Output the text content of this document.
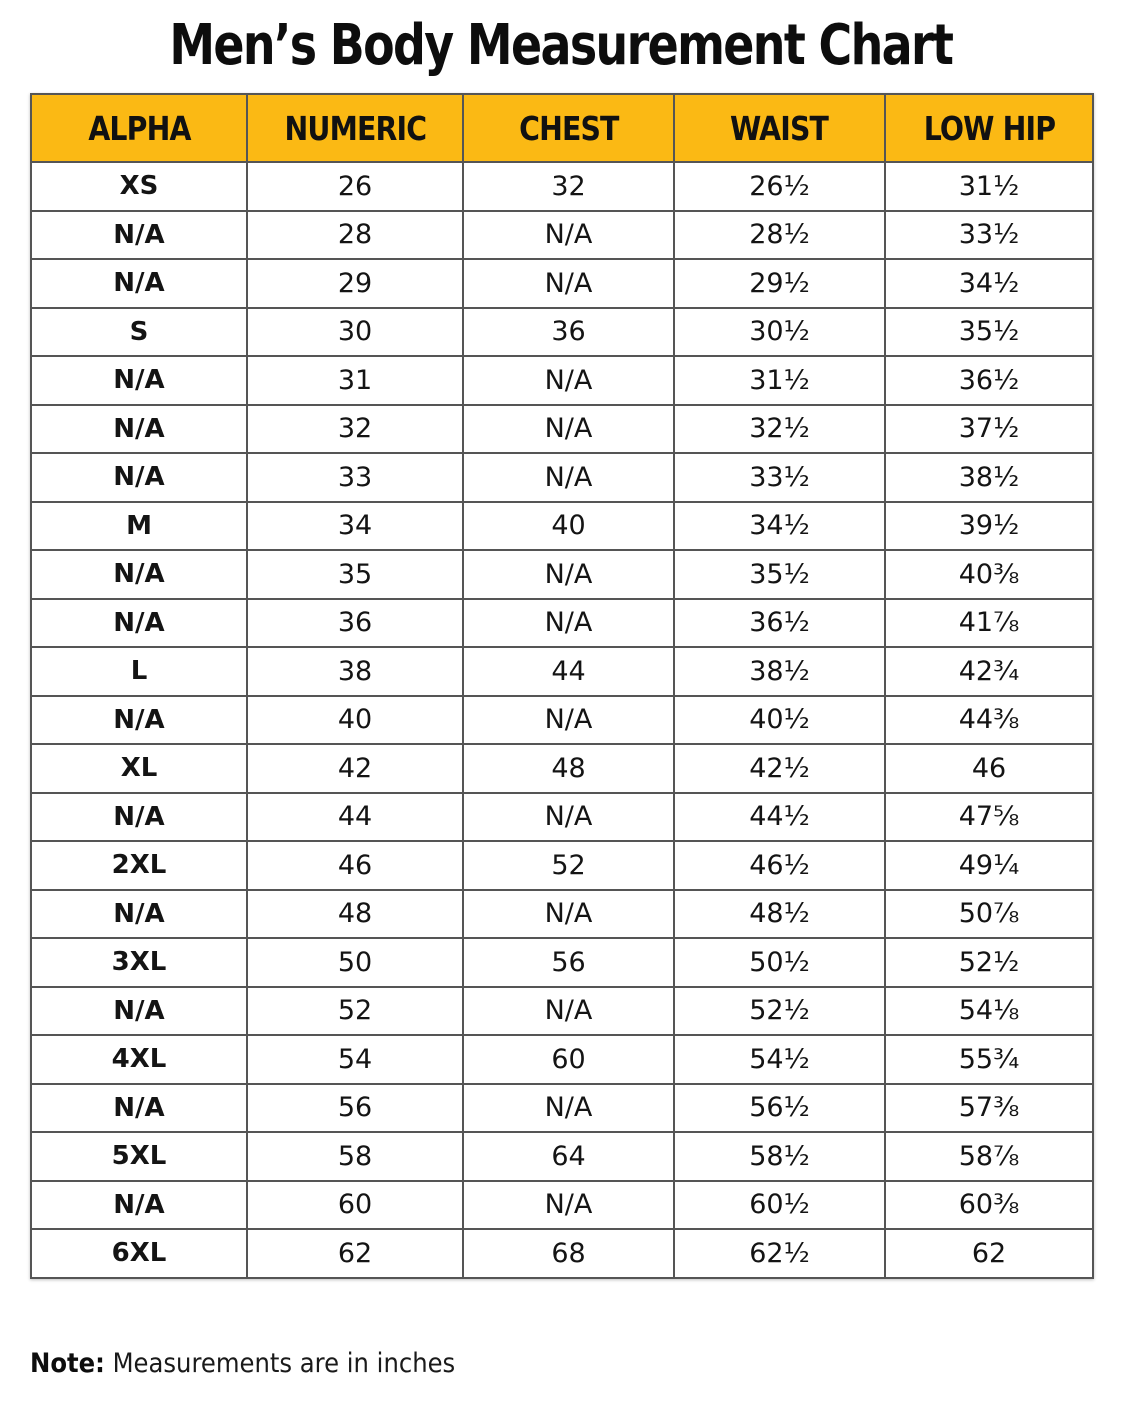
Men’s Body Measurement Chart
ALPHA	NUMERIC	CHEST	WAIST	LOW HIP
XS	26	32	26½	31½
N/A	28	N/A	28½	33½
N/A	29	N/A	29½	34½
S	30	36	30½	35½
N/A	31	N/A	31½	36½
N/A	32	N/A	32½	37½
N/A	33	N/A	33½	38½
M	34	40	34½	39½
N/A	35	N/A	35½	40⅜
N/A	36	N/A	36½	41⅞
L	38	44	38½	42¾
N/A	40	N/A	40½	44⅜
XL	42	48	42½	46
N/A	44	N/A	44½	47⅝
2XL	46	52	46½	49¼
N/A	48	N/A	48½	50⅞
3XL	50	56	50½	52½
N/A	52	N/A	52½	54⅛
4XL	54	60	54½	55¾
N/A	56	N/A	56½	57⅜
5XL	58	64	58½	58⅞
N/A	60	N/A	60½	60⅜
6XL	62	68	62½	62
Note: Measurements are in inches
